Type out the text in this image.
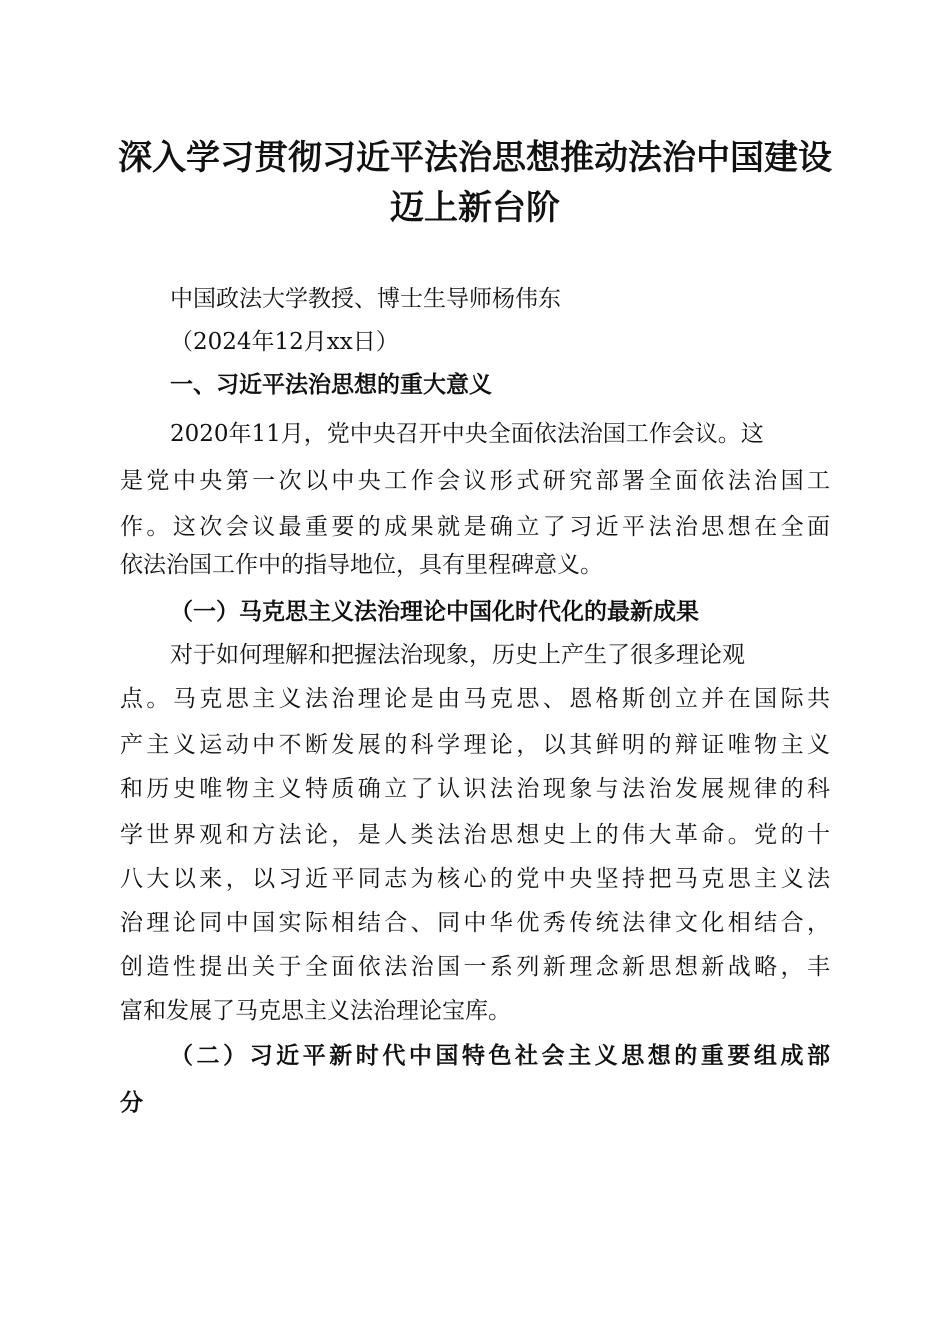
深入学习贯彻习近平法治思想推动法治中国建设迈上新台阶

中国政法大学教授、博士生导师杨伟东

（2024年12月xx日）

一、习近平法治思想的重大意义

2020年11月，党中央召开中央全面依法治国工作会议。这

是党中央第一次以中央工作会议形式研究部署全面依法治国工

作。这次会议最重要的成果就是确立了习近平法治思想在全面

依法治国工作中的指导地位，具有里程碑意义。

（一）马克思主义法治理论中国化时代化的最新成果

对于如何理解和把握法治现象，历史上产生了很多理论观

点。马克思主义法治理论是由马克思、恩格斯创立并在国际共

产主义运动中不断发展的科学理论，以其鲜明的辩证唯物主义

和历史唯物主义特质确立了认识法治现象与法治发展规律的科

学世界观和方法论，是人类法治思想史上的伟大革命。党的十

八大以来，以习近平同志为核心的党中央坚持把马克思主义法

治理论同中国实际相结合、同中华优秀传统法律文化相结合，

创造性提出关于全面依法治国一系列新理念新思想新战略，丰

富和发展了马克思主义法治理论宝库。

（二）习近平新时代中国特色社会主义思想的重要组成部

分
